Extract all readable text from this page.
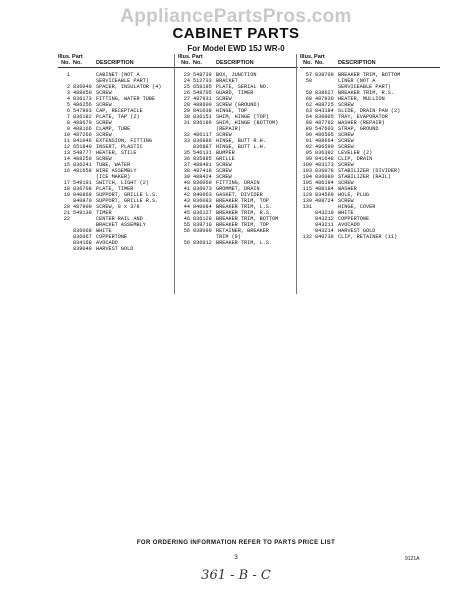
AppliancePartsPros.com
CABINET PARTS
For Model EWD 15J WR-0
Illus. Part
No. No.	DESCRIPTION
1	CABINET (NOT A
SERVICEABLE PART)
2 836040 SPACER, INSULATOR (4)
3 488050 SCREW
4 836173 FITTING, WATER TUBE
5 486256 SCREW
6 547893 CAP, RECEPTACLE
7 836182 PLATE, TAP (2)
8 488670 SCREW
9 488166 CLAMP, TUBE
10 487260 SCREW
11 841046 EXTENSION, FITTING
12 651840 INSERT, PLASTIC
13 548777 HEATER, STILE
14 488250 SCREW
15 836241 TUBE, WATER
16 481658 WIRE ASSEMBLY
(ICE MAKER)
17 549191 SWITCH, LIGHT (2)
18 836708 PLATE, TIMER
19 840869 SUPPORT, GRILLE L.S.
840870 SUPPORT, GRILLE R.S.
20 487900 SCREW, 8 x 3/8
21 549139 TIMER
22	CENTER RAIL AND
BRACKET ASSEMBLY
836068 WHITE
836067 COPPERTONE
834168 AVOCADO
839040 HARVEST GOLD
Illus. Part
No. No.	DESCRIPTION
23 548739 BOX, JUNCTION
24 512733 BRACKET
25 658195 PLATE, SERIAL NO.
26 548705 GUARD, TIMER
27 487931 SCREW
28 488600 SCREW (GROUND)
29 841038 HINGE, TOP
30 836151 SHIM, HINGE (TOP)
31 836196 SHIM, HINGE (BOTTOM)
(REPAIR)
32 486117 SCREW
33 836886 HINGE, BUTT R.H.
836887 HINGE, BUTT L.H.
35 546131 BUMPER
36 835885 GRILLE
37 488491 SCREW
38 487418 SCREW
39 488424 SCREW
40 836069 FITTING, DRAIN
41 836073 GROMMET, DRAIN
42 840063 GASKET, DIVIDER
43 836083 BREAKER TRIM, TOP
44 840084 BREAKER TRIM, L.S.
45 836127 BREAKER TRIM, R.S.
46 836128 BREAKER TRIM, BOTTOM
55 838710 BREAKER TRIM, TOP
56 838090 RETAINER, BREAKER
TRIM (9)
56 836012 BREAKER TRIM, L.S.
Illus. Part
No. No.	DESCRIPTION
57 838709 BREAKER TRIM, BOTTOM
58	LINER (NOT A
SERVICEABLE PART)
59 838627 BREAKER TRIM, R.S.
60 487930 HEATER, MULLION
62 488725 SCREW
63 843184 SLIDE, DRAIN PAN (2)
64 836005 TRAY, EVAPORATOR
88 487792 WASHER (REPAIR)
89 547603 STRAP, GROUND
90 486505 SCREW
91 488664 SCREW
92 486590 SCREW
95 836392 LEVELER (2)
99 841648 CLIP, DRAIN
100 483173 SCREW
103 836078 STABILIZER (DIVIDER)
104 836080 STABILIZER (RAIL)
105 486194 SCREW
115 488184 WASHER
129 834569 HOLE, PLUG
130 488724 SCREW
131	HINGE, COVER
843210 WHITE
843212 COPPERTONE
843211 AVOCADO
843214 HARVEST GOLD
132 840738 CLIP, RETAINER (11)
FOR ORDERING INFORMATION REFER TO PARTS PRICE LIST
3	9121A
361 - B - C
